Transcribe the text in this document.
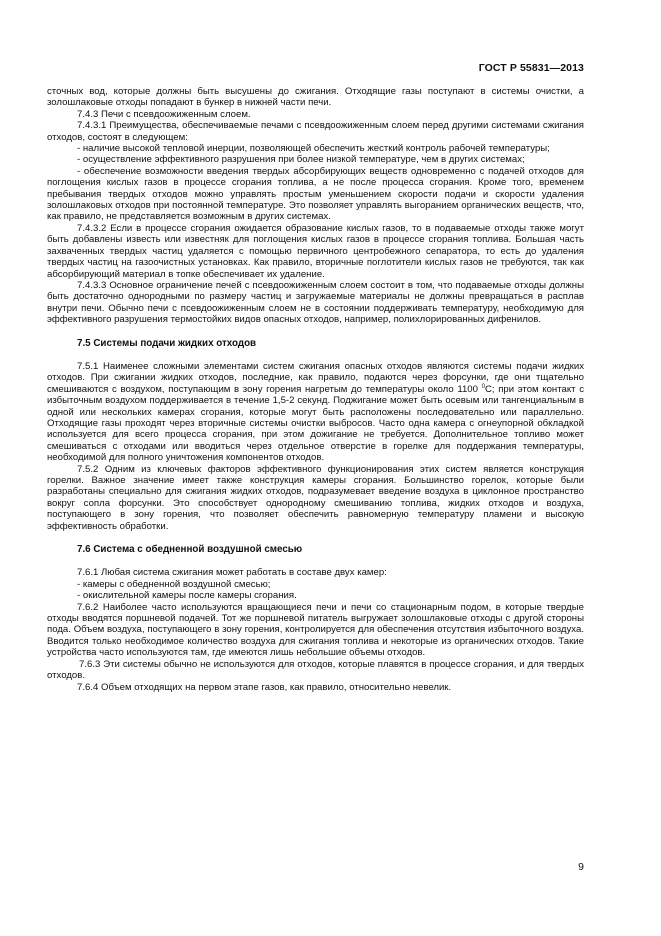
ГОСТ Р 55831—2013

сточных вод, которые должны быть высушены до сжигания. Отходящие газы поступают в системы очистки, а золошлаковые отходы попадают в бункер в нижней части печи.

7.4.3 Печи с псевдоожиженным слоем.

7.4.3.1 Преимущества, обеспечиваемые печами с псевдоожиженным слоем перед другими системами сжигания отходов, состоят в следующем:

- наличие высокой тепловой инерции, позволяющей обеспечить жесткий контроль рабочей температуры;

- осуществление эффективного разрушения при более низкой температуре, чем в других системах;

- обеспечение возможности введения твердых абсорбирующих веществ одновременно с подачей отходов для поглощения кислых газов в процессе сгорания топлива, а не после процесса сгорания. Кроме того, временем пребывания твердых отходов можно управлять простым уменьшением скорости подачи и скорости удаления золошлаковых отходов при постоянной температуре. Это позволяет управлять выгоранием органических веществ, что, как правило, не представляется возможным в других системах.

7.4.3.2 Если в процессе сгорания ожидается образование кислых газов, то в подаваемые отходы также могут быть добавлены известь или известняк для поглощения кислых газов в процессе сгорания топлива. Большая часть захваченных твердых частиц удаляется с помощью первичного центробежного сепаратора, то есть до удаления твердых частиц на газоочистных установках. Как правило, вторичные поглотители кислых газов не требуются, так как абсорбирующий материал в топке обеспечивает их удаление.

7.4.3.3 Основное ограничение печей с псевдоожиженным слоем состоит в том, что подаваемые отходы должны быть достаточно однородными по размеру частиц и загружаемые материалы не должны превращаться в расплав внутри печи. Обычно печи с псевдоожиженным слоем не в состоянии поддерживать температуру, необходимую для эффективного разрушения термостойких видов опасных отходов, например, полихлорированных дифенилов.

7.5 Системы подачи жидких отходов

7.5.1 Наименее сложными элементами систем сжигания опасных отходов являются системы подачи жидких отходов. При сжигании жидких отходов, последние, как правило, подаются через форсунки, где они тщательно смешиваются с воздухом, поступающим в зону горения нагретым до температуры около 1100 $^0$С; при этом контакт с избыточным воздухом поддерживается в течение 1,5-2 секунд. Поджигание может быть осевым или тангенциальным в одной или нескольких камерах сгорания, которые могут быть расположены последовательно или параллельно. Отходящие газы проходят через вторичные системы очистки выбросов. Часто одна камера с огнеупорной обкладкой используется для всего процесса сгорания, при этом дожигание не требуется. Дополнительное топливо может смешиваться с отходами или вводиться через отдельное отверстие в горелке для поддержания температуры, необходимой для полного уничтожения компонентов отходов.

7.5.2 Одним из ключевых факторов эффективного функционирования этих систем является конструкция горелки. Важное значение имеет также конструкция камеры сгорания. Большинство горелок, которые были разработаны специально для сжигания жидких отходов, подразумевает введение воздуха в циклонное пространство вокруг сопла форсунки. Это способствует однородному смешиванию топлива, жидких отходов и воздуха, поступающего в зону горения, что позволяет обеспечить равномерную температуру пламени и высокую эффективность обработки.

7.6 Система с обедненной воздушной смесью

7.6.1 Любая система сжигания может работать в составе двух камер:

- камеры с обедненной воздушной смесью;

- окислительной камеры после камеры сгорания.

7.6.2 Наиболее часто используются вращающиеся печи и печи со стационарным подом, в которые твердые отходы вводятся поршневой подачей. Тот же поршневой питатель выгружает золошлаковые отходы с другой стороны пода. Объем воздуха, поступающего в зону горения, контролируется для обеспечения отсутствия избыточного воздуха. Вводится только необходимое количество воздуха для сжигания топлива и некоторые из органических отходов. Такие устройства часто используются там, где имеются лишь небольшие объемы отходов.

7.6.3 Эти системы обычно не используются для отходов, которые плавятся в процессе сгорания, и для твердых отходов.

7.6.4 Объем отходящих на первом этапе газов, как правило, относительно невелик.

9
